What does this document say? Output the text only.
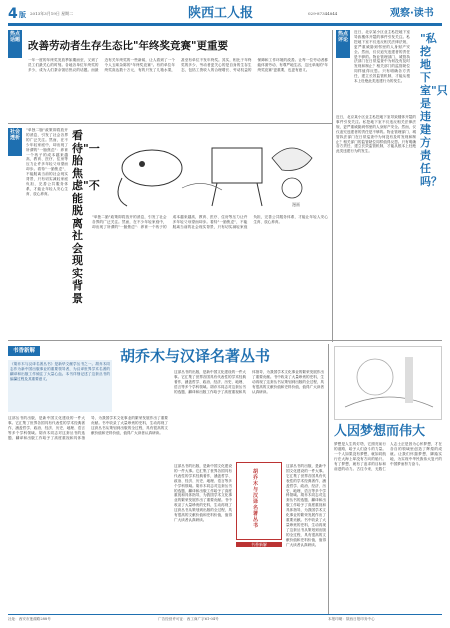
4 版 2013年3月19日 星期二	陕西工人报	029-87344844	观察·读书
热点话题 改善劳动者生存生态比"年终奖竞赛"更重要
一年一度的年终奖发放季如期而至，又到了员工们最关心的时刻。各地各单位年终奖的多少，成为人们茶余饭后热议的话题。而最近有关年终奖的一些新闻，让人看到了一个令人五味杂陈的"年终奖竞赛"。有的单位年终奖高达数十万元，有的只发了几箱水果，甚至有单位不发年终奖。其实，相比于年终奖的多少，劳动者更关心的是自身的生存生态，包括工资收入的合理增长、劳动权益的保障和工作环境的改善。让每一位劳动者都能体面劳动、有尊严地生活，这比单纯的"年终奖竞赛"更重要，也更有意义。
社会透析
"单独二胎"政策即将放开的消息，引发了社会各界的广泛关注。然而，在不少年轻家庭中，却出现了所谓的"一胎焦虑"：养育一个孩子的成本越来越高，教育、医疗、住房等压力让许多年轻父母望而却步。看待"一胎焦虑"，不能脱离当前的社会现实背景，只有切实减轻家庭负担，完善公共服务体系，才能让年轻人安心生育、放心养育。
看待"一胎焦虑"不能脱离社会现实背景
"单独二胎"政策即将放开的消息，引发了社会各界的广泛关注。然而，在不少年轻家庭中，却出现了所谓的"一胎焦虑"：养育一个孩子的成本越来越高，教育、医疗、住房等压力让许多年轻父母望而却步。看待"一胎焦虑"，不能脱离当前的社会现实背景，只有切实减轻家庭负担，完善公共服务体系，才能让年轻人安心生育、放心养育。
漫画
热点评论
近日，北京某小区业主私挖地下室导致楼体开裂的事件引发关注。私挖地下室不仅违反相关法律法规，更严重威胁到邻里的人身财产安全。然而，仅仅追究违建者的责任是不够的。物业管理部门、城管执法部门在日常巡查中为何没有及时发现和制止？相关部门的监管缺位同样值得反思。只有明确各方责任，建立长效监管机制，才能从根本上杜绝此类违建行为的发生。
"私挖地下室"只是违建方责任吗？
近日，北京某小区业主私挖地下室导致楼体开裂的事件引发关注。私挖地下室不仅违反相关法律法规，更严重威胁到邻里的人身财产安全。然而，仅仅追究违建者的责任是不够的。物业管理部门、城管执法部门在日常巡查中为何没有及时发现和制止？相关部门的监管缺位同样值得反思。只有明确各方责任，建立长效监管机制，才能从根本上杜绝此类违建行为的发生。
书香新解
《胡乔木与汉译名著丛书》是新华文献学丛书之一。胡乔木同志作为新中国出版事业的重要领导者，为汉译世界学术名著的翻译和出版工作倾注了大量心血。本书详细记述了这套丛书的编纂过程及其重要意义。
胡乔木与汉译名著丛书
这部丛书的出版，是新中国文化建设的一件大事。它汇集了世界各国具有代表性的学术经典著作，涵盖哲学、政治、经济、历史、地理、语言等多个学科领域。胡乔木同志对这套丛书的选题、翻译和出版工作给予了高度重视和具体指导，为我国学术文化事业的繁荣发展作出了重要贡献。书中收录了大量珍贵的史料，生动再现了这套丛书从策划到出版的全过程，具有很高的文献价值和史料价值，值得广大读者认真研读。
这部丛书的出版，是新中国文化建设的一件大事。它汇集了世界各国具有代表性的学术经典著作，涵盖哲学、政治、经济、历史、地理、语言等多个学科领域。胡乔木同志对这套丛书的选题、翻译和出版工作给予了高度重视和具体指导，为我国学术文化事业的繁荣发展作出了重要贡献。书中收录了大量珍贵的史料，生动再现了这套丛书从策划到出版的全过程，具有很高的文献价值和史料价值，值得广大读者认真研读。
胡乔木与汉译名著丛书
书香新解
这部丛书的出版，是新中国文化建设的一件大事。它汇集了世界各国具有代表性的学术经典著作，涵盖哲学、政治、经济、历史、地理、语言等多个学科领域。胡乔木同志对这套丛书的选题、翻译和出版工作给予了高度重视和具体指导，为我国学术文化事业的繁荣发展作出了重要贡献。书中收录了大量珍贵的史料，生动再现了这套丛书从策划到出版的全过程，具有很高的文献价值和史料价值，值得广大读者认真研读。
这部丛书的出版，是新中国文化建设的一件大事。它汇集了世界各国具有代表性的学术经典著作，涵盖哲学、政治、经济、历史、地理、语言等多个学科领域。胡乔木同志对这套丛书的选题、翻译和出版工作给予了高度重视和具体指导，为我国学术文化事业的繁荣发展作出了重要贡献。书中收录了大量珍贵的史料，生动再现了这套丛书从策划到出版的全过程，具有很高的文献价值和史料价值，值得广大读者认真研读。
人因梦想而伟大
梦想是人生的灯塔，它照亮前行的道路，给予人们奋斗的力量。一个人如果没有梦想，就如同航行在大海上却没有方向的船只。有了梦想，就有了追求的目标和前进的动力。古往今来，无数仁人志士正是因为心怀梦想，才在各自的领域里创造了辉煌的成就。让我们怀揣梦想，脚踏实地，为实现中华民族伟大复兴的中国梦而努力奋斗。
社址：西安市莲湖路288号	广告经营许可证：西工商广字61-04号	本报印刷：陕西日报印务中心
